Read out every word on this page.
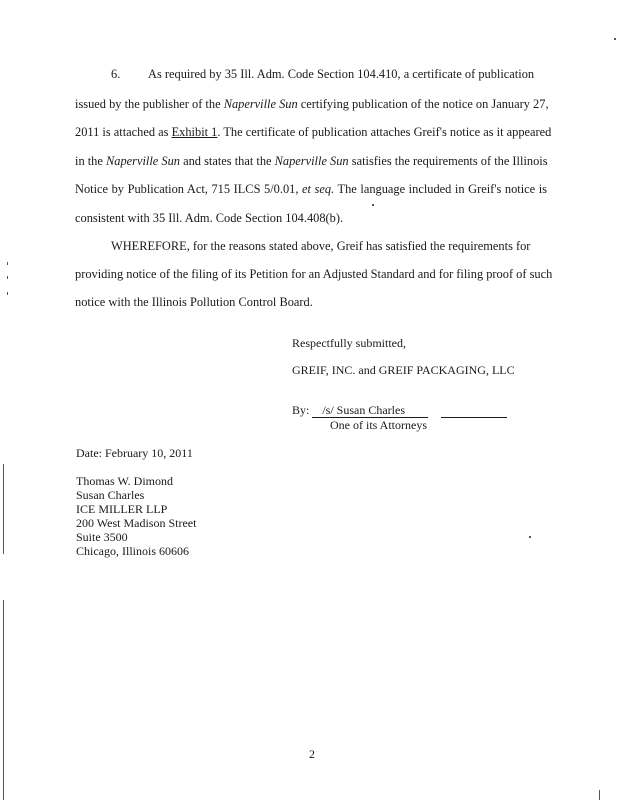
6. As required by 35 Ill. Adm. Code Section 104.410, a certificate of publication
issued by the publisher of the Naperville Sun certifying publication of the notice on January 27,
2011 is attached as Exhibit 1. The certificate of publication attaches Greif's notice as it appeared
in the Naperville Sun and states that the Naperville Sun satisfies the requirements of the Illinois
Notice by Publication Act, 715 ILCS 5/0.01, et seq. The language included in Greif's notice is
consistent with 35 Ill. Adm. Code Section 104.408(b).
WHEREFORE, for the reasons stated above, Greif has satisfied the requirements for
providing notice of the filing of its Petition for an Adjusted Standard and for filing proof of such
notice with the Illinois Pollution Control Board.
Respectfully submitted,
GREIF, INC. and GREIF PACKAGING, LLC
By: /s/ Susan Charles
One of its Attorneys
Date: February 10, 2011
Thomas W. Dimond
Susan Charles
ICE MILLER LLP
200 West Madison Street
Suite 3500
Chicago, Illinois 60606
2
